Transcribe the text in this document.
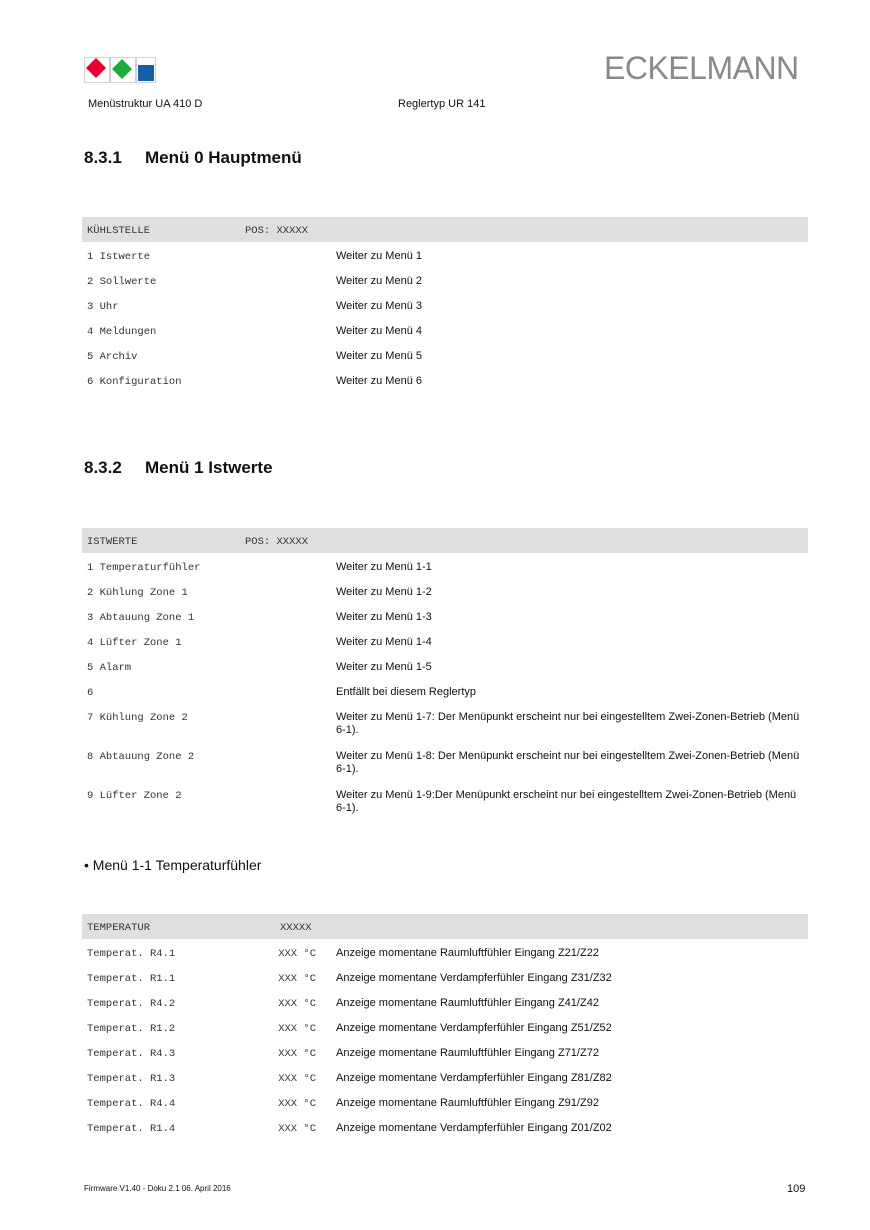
ECKELMANN
Menüstruktur UA 410 D	Reglertyp UR 141
8.3.1 Menü 0 Hauptmenü
KÜHLSTELLE	POS: XXXXX
1 Istwerte	Weiter zu Menü 1
2 Sollwerte	Weiter zu Menü 2
3 Uhr	Weiter zu Menü 3
4 Meldungen	Weiter zu Menü 4
5 Archiv	Weiter zu Menü 5
6 Konfiguration	Weiter zu Menü 6
8.3.2 Menü 1 Istwerte
ISTWERTE	POS: XXXXX
1 Temperaturfühler	Weiter zu Menü 1-1
2 Kühlung Zone 1	Weiter zu Menü 1-2
3 Abtauung Zone 1	Weiter zu Menü 1-3
4 Lüfter Zone 1	Weiter zu Menü 1-4
5 Alarm	Weiter zu Menü 1-5
6	Entfällt bei diesem Reglertyp
7 Kühlung Zone 2	Weiter zu Menü 1-7: Der Menüpunkt erscheint nur bei eingestelltem Zwei-Zonen-Betrieb (Menü 6-1).
8 Abtauung Zone 2	Weiter zu Menü 1-8: Der Menüpunkt erscheint nur bei eingestelltem Zwei-Zonen-Betrieb (Menü 6-1).
9 Lüfter Zone 2	Weiter zu Menü 1-9:Der Menüpunkt erscheint nur bei eingestelltem Zwei-Zonen-Betrieb (Menü 6-1).
• Menü 1-1 Temperaturfühler
TEMPERATUR	XXXXX
Temperat. R4.1	XXX °C Anzeige momentane Raumluftfühler Eingang Z21/Z22
Temperat. R1.1	XXX °C Anzeige momentane Verdampferfühler Eingang Z31/Z32
Temperat. R4.2	XXX °C Anzeige momentane Raumluftfühler Eingang Z41/Z42
Temperat. R1.2	XXX °C Anzeige momentane Verdampferfühler Eingang Z51/Z52
Temperat. R4.3	XXX °C Anzeige momentane Raumluftfühler Eingang Z71/Z72
Temperat. R1.3	XXX °C Anzeige momentane Verdampferfühler Eingang Z81/Z82
Temperat. R4.4	XXX °C Anzeige momentane Raumluftfühler Eingang Z91/Z92
Temperat. R1.4	XXX °C Anzeige momentane Verdampferfühler Eingang Z01/Z02
Firmware V1.40 - Doku 2.1 06. April 2016	109
